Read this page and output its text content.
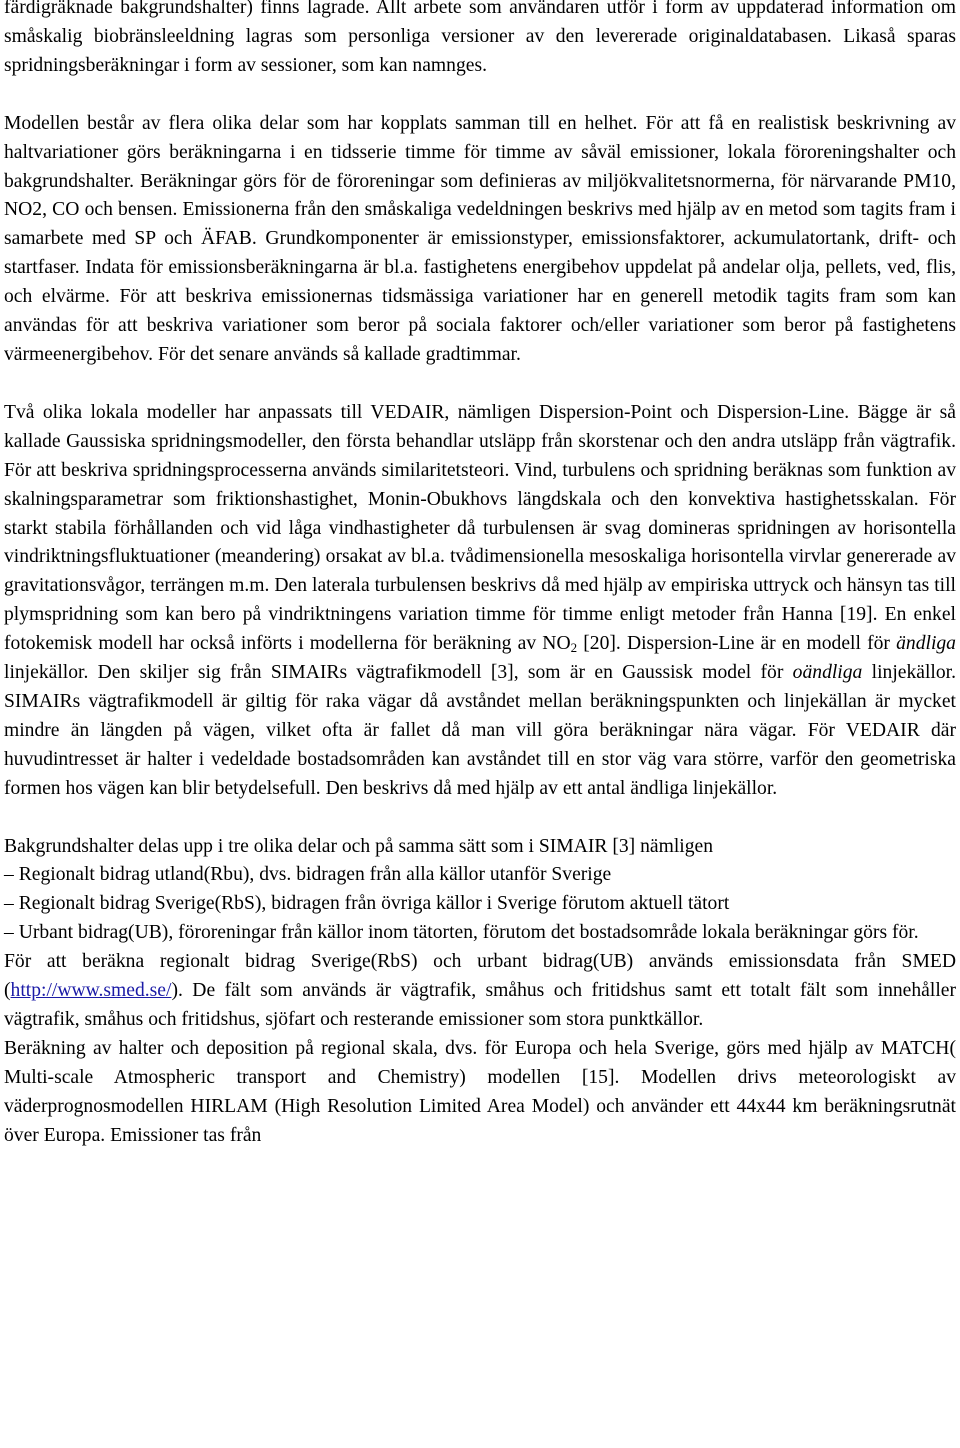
färdigräknade bakgrundshalter) finns lagrade. Allt arbete som användaren utför i form av uppdaterad information om småskalig biobränsleeldning lagras som personliga versioner av den levererade originaldatabasen. Likaså sparas spridningsberäkningar i form av sessioner, som kan namnges.

Modellen består av flera olika delar som har kopplats samman till en helhet. För att få en realistisk beskrivning av haltvariationer görs beräkningarna i en tidsserie timme för timme av såväl emissioner, lokala föroreningshalter och bakgrundshalter. Beräkningar görs för de föroreningar som definieras av miljökvalitetsnormerna, för närvarande PM10, NO2, CO och bensen. Emissionerna från den småskaliga vedeldningen beskrivs med hjälp av en metod som tagits fram i samarbete med SP och ÄFAB. Grundkomponenter är emissionstyper, emissionsfaktorer, ackumulatortank, drift- och startfaser. Indata för emissionsberäkningarna är bl.a. fastighetens energibehov uppdelat på andelar olja, pellets, ved, flis, och elvärme. För att beskriva emissionernas tidsmässiga variationer har en generell metodik tagits fram som kan användas för att beskriva variationer som beror på sociala faktorer och/eller variationer som beror på fastighetens värmeenergibehov. För det senare används så kallade gradtimmar.

Två olika lokala modeller har anpassats till VEDAIR, nämligen Dispersion-Point och Dispersion-Line. Bägge är så kallade Gaussiska spridningsmodeller, den första behandlar utsläpp från skorstenar och den andra utsläpp från vägtrafik. För att beskriva spridningsprocesserna används similaritetsteori. Vind, turbulens och spridning beräknas som funktion av skalningsparametrar som friktionshastighet, Monin-Obukhovs längdskala och den konvektiva hastighetsskalan. För starkt stabila förhållanden och vid låga vindhastigheter då turbulensen är svag domineras spridningen av horisontella vindriktningsfluktuationer (meandering) orsakat av bl.a. tvådimensionella mesoskaliga horisontella virvlar genererade av gravitationsvågor, terrängen m.m. Den laterala turbulensen beskrivs då med hjälp av empiriska uttryck och hänsyn tas till plymspridning som kan bero på vindriktningens variation timme för timme enligt metoder från Hanna [19]. En enkel fotokemisk modell har också införts i modellerna för beräkning av $NO_2$ [20]. Dispersion-Line är en modell för ändliga linjekällor. Den skiljer sig från SIMAIRs vägtrafikmodell [3], som är en Gaussisk model för oändliga linjekällor. SIMAIRs vägtrafikmodell är giltig för raka vägar då avståndet mellan beräkningspunkten och linjekällan är mycket mindre än längden på vägen, vilket ofta är fallet då man vill göra beräkningar nära vägar. För VEDAIR där huvudintresset är halter i vedeldade bostadsområden kan avståndet till en stor väg vara större, varför den geometriska formen hos vägen kan blir betydelsefull. Den beskrivs då med hjälp av ett antal ändliga linjekällor.

Bakgrundshalter delas upp i tre olika delar och på samma sätt som i SIMAIR [3] nämligen

– Regionalt bidrag utland(Rbu), dvs. bidragen från alla källor utanför Sverige

– Regionalt bidrag Sverige(RbS), bidragen från övriga källor i Sverige förutom aktuell tätort

– Urbant bidrag(UB), föroreningar från källor inom tätorten, förutom det bostadsområde lokala beräkningar görs för.

För att beräkna regionalt bidrag Sverige(RbS) och urbant bidrag(UB) används emissionsdata från SMED (http://www.smed.se/). De fält som används är vägtrafik, småhus och fritidshus samt ett totalt fält som innehåller vägtrafik, småhus och fritidshus, sjöfart och resterande emissioner som stora punktkällor.

Beräkning av halter och deposition på regional skala, dvs. för Europa och hela Sverige, görs med hjälp av MATCH( Multi-scale Atmospheric transport and Chemistry) modellen [15]. Modellen drivs meteorologiskt av väderprognosmodellen HIRLAM (High Resolution Limited Area Model) och använder ett 44x44 km beräkningsrutnät över Europa. Emissioner tas från
